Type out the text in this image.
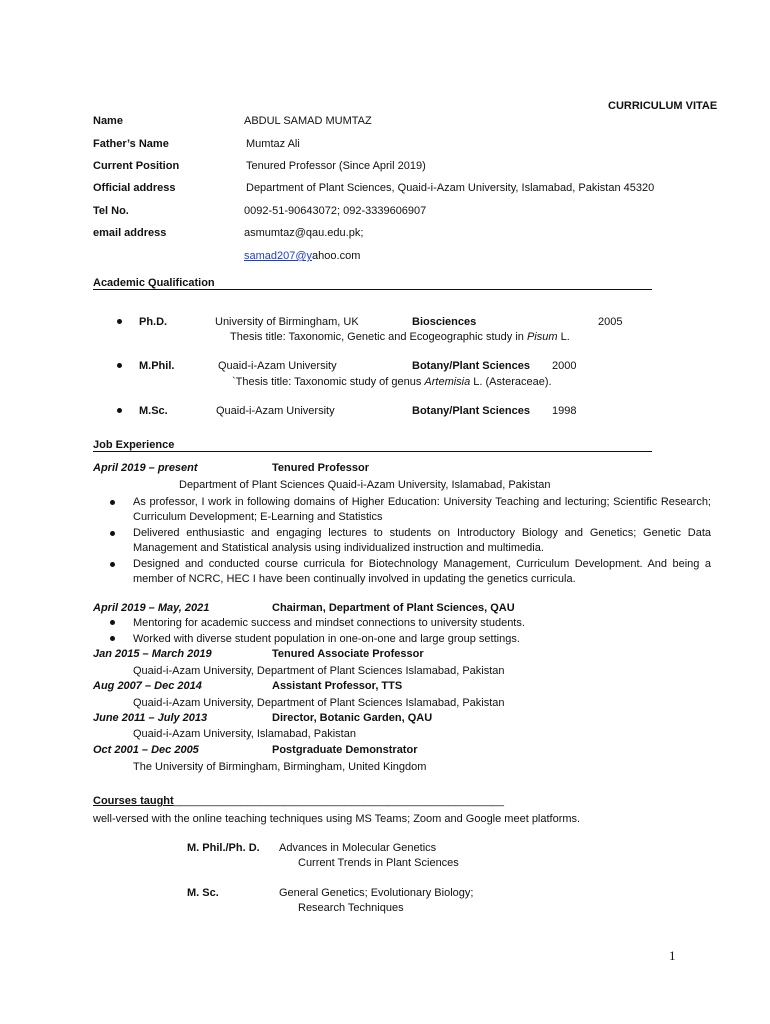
CURRICULUM VITAE
Name	ABDUL SAMAD MUMTAZ
Father’s Name	Mumtaz Ali
Current Position	Tenured Professor (Since April 2019)
Official address	Department of Plant Sciences, Quaid-i-Azam University, Islamabad, Pakistan 45320
Tel No.	0092-51-90643072; 092-3339606907
email address	asmumtaz@qau.edu.pk;
samad207@yahoo.com
Academic Qualification
Ph.D.	University of Birmingham, UK	Biosciences	2005
Thesis title: Taxonomic, Genetic and Ecogeographic study in Pisum L.
M.Phil.	Quaid-i-Azam University	Botany/Plant Sciences 2000
`Thesis title: Taxonomic study of genus Artemisia L. (Asteraceae).
M.Sc.	Quaid-i-Azam University	Botany/Plant Sciences 1998
Job Experience
April 2019 – present	Tenured Professor
Department of Plant Sciences Quaid-i-Azam University, Islamabad, Pakistan
As professor, I work in following domains of Higher Education: University Teaching and lecturing; Scientific Research; Curriculum Development; E-Learning and Statistics
Delivered enthusiastic and engaging lectures to students on Introductory Biology and Genetics; Genetic Data Management and Statistical analysis using individualized instruction and multimedia.
Designed and conducted course curricula for Biotechnology Management, Curriculum Development. And being a member of NCRC, HEC I have been continually involved in updating the genetics curricula.
April 2019 – May, 2021	Chairman, Department of Plant Sciences, QAU
Mentoring for academic success and mindset connections to university students.
Worked with diverse student population in one-on-one and large group settings.
Jan 2015 – March 2019	Tenured Associate Professor
Quaid-i-Azam University, Department of Plant Sciences Islamabad, Pakistan
Aug 2007 – Dec 2014	Assistant Professor, TTS
Quaid-i-Azam University, Department of Plant Sciences Islamabad, Pakistan
June 2011 – July 2013	Director, Botanic Garden, QAU
Quaid-i-Azam University, Islamabad, Pakistan
Oct 2001 – Dec 2005	Postgraduate Demonstrator
The University of Birmingham, Birmingham, United Kingdom
Courses taught______________________________________________________
well-versed with the online teaching techniques using MS Teams; Zoom and Google meet platforms.
M. Phil./Ph. D. Advances in Molecular Genetics
Current Trends in Plant Sciences
M. Sc.	General Genetics; Evolutionary Biology;
Research Techniques
1
